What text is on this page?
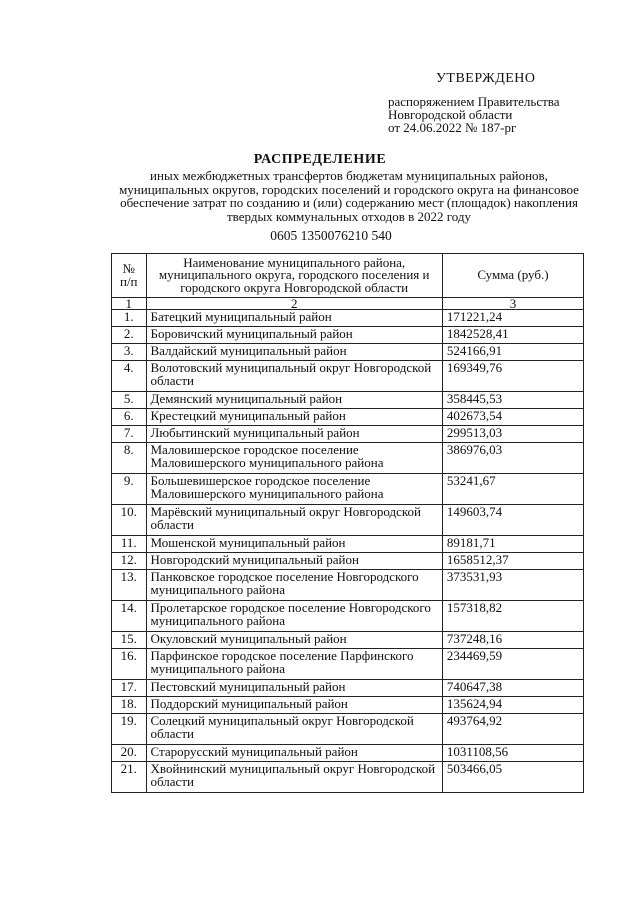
УТВЕРЖДЕНО
распоряжением Правительства
Новгородской области
от 24.06.2022 № 187-рг
РАСПРЕДЕЛЕНИЕ
иных межбюджетных трансфертов бюджетам муниципальных районов, муниципальных округов, городских поселений и городского округа на финансовое обеспечение затрат по созданию и (или) содержанию мест (площадок) накопления твердых коммунальных отходов в 2022 году
0605 1350076210 540
№ п/п	Наименование муниципального района, муниципального округа, городского поселения и городского округа Новгородской области	Сумма (руб.)
1	2	3
1.	Батецкий муниципальный район	171221,24
2.	Боровичский муниципальный район	1842528,41
3.	Валдайский муниципальный район	524166,91
4.	Волотовский муниципальный округ Новгородской области	169349,76
5.	Демянский муниципальный район	358445,53
6.	Крестецкий муниципальный район	402673,54
7.	Любытинский муниципальный район	299513,03
8.	Маловишерское городское поселение Маловишерского муниципального района	386976,03
9.	Большевишерское городское поселение Маловишерского муниципального района	53241,67
10.	Марёвский муниципальный округ Новгородской области	149603,74
11.	Мошенской муниципальный район	89181,71
12.	Новгородский муниципальный район	1658512,37
13.	Панковское городское поселение Новгородского муниципального района	373531,93
14.	Пролетарское городское поселение Новгородского муниципального района	157318,82
15.	Окуловский муниципальный район	737248,16
16.	Парфинское городское поселение Парфинского муниципального района	234469,59
17.	Пестовский муниципальный район	740647,38
18.	Поддорский муниципальный район	135624,94
19.	Солецкий муниципальный округ Новгородской области	493764,92
20.	Старорусский муниципальный район	1031108,56
21.	Хвойнинский муниципальный округ Новгородской области	503466,05
